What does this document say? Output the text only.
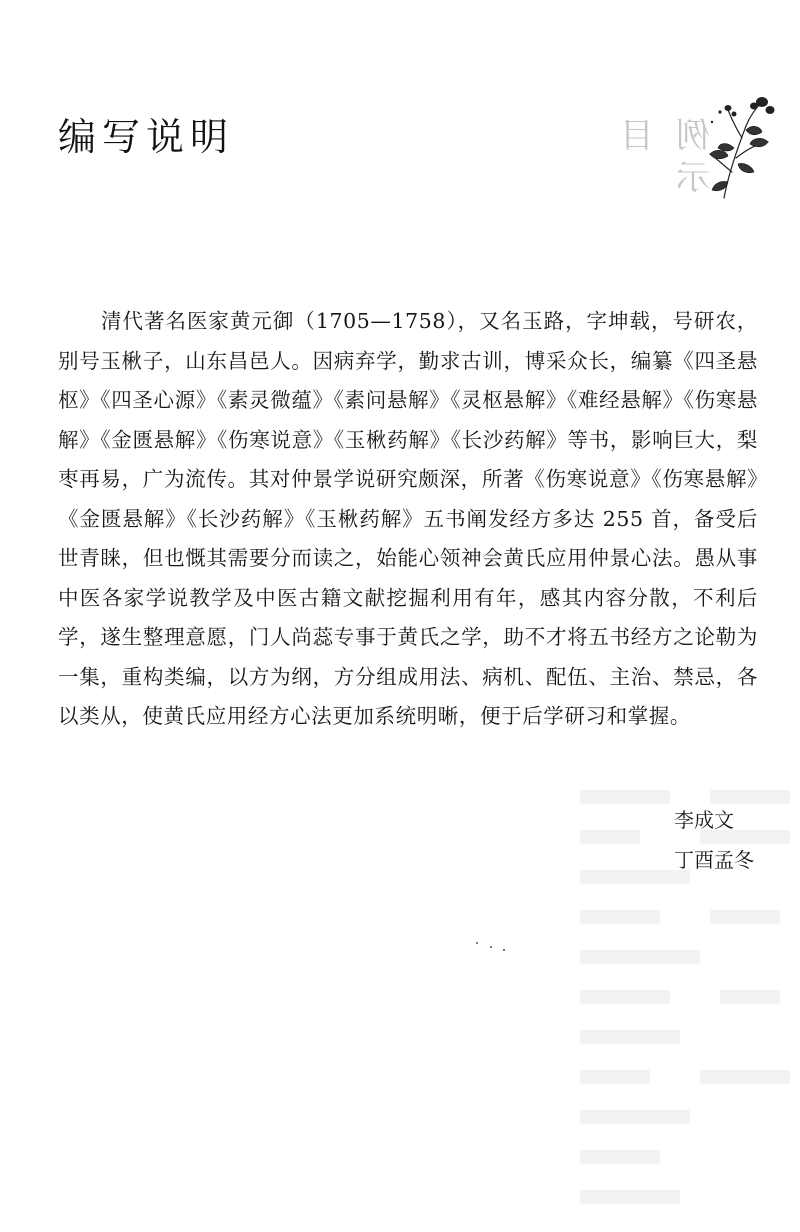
例
目
示
编写说明

清代著名医家黄元御（1705—1758），又名玉路，字坤载，号研农，别号玉楸子，山东昌邑人。因病弃学，勤求古训，博采众长，编纂《四圣悬枢》《四圣心源》《素灵微蕴》《素问悬解》《灵枢悬解》《难经悬解》《伤寒悬解》《金匮悬解》《伤寒说意》《玉楸药解》《长沙药解》等书，影响巨大，梨枣再易，广为流传。其对仲景学说研究颇深，所著《伤寒说意》《伤寒悬解》《金匮悬解》《长沙药解》《玉楸药解》五书阐发经方多达 255 首，备受后世青睐，但也慨其需要分而读之，始能心领神会黄氏应用仲景心法。愚从事中医各家学说教学及中医古籍文献挖掘利用有年，感其内容分散，不利后学，遂生整理意愿，门人尚蕊专事于黄氏之学，助不才将五书经方之论勒为一集，重构类编，以方为纲，方分组成用法、病机、配伍、主治、禁忌，各以类从，使黄氏应用经方心法更加系统明晰，便于后学研习和掌握。

李成文

丁酉孟冬
